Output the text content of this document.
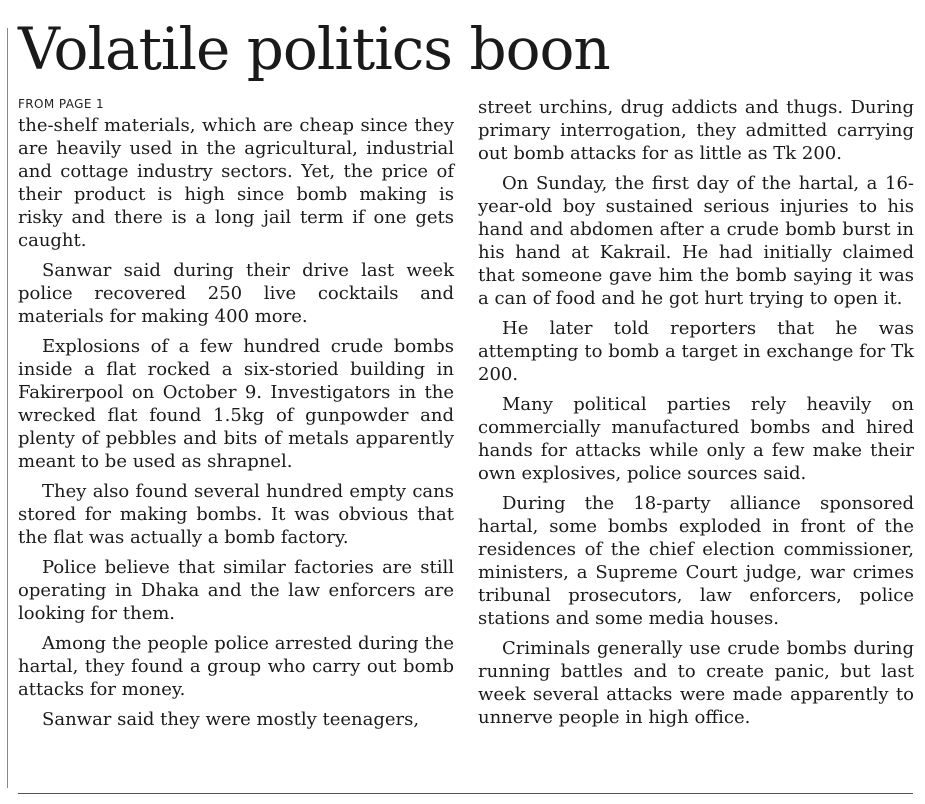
Volatile politics boon
FROM PAGE 1

the-shelf materials, which are cheap since they are heavily used in the agricultural, industrial and cottage industry sectors. Yet, the price of their product is high since bomb making is risky and there is a long jail term if one gets caught.

Sanwar said during their drive last week police recovered 250 live cocktails and materials for making 400 more.

Explosions of a few hundred crude bombs inside a flat rocked a six-storied building in Fakirerpool on October 9. Investigators in the wrecked flat found 1.5kg of gunpowder and plenty of pebbles and bits of metals apparently meant to be used as shrapnel.

They also found several hundred empty cans stored for making bombs. It was obvious that the flat was actually a bomb factory.

Police believe that similar factories are still operating in Dhaka and the law enforcers are looking for them.

Among the people police arrested during the hartal, they found a group who carry out bomb attacks for money.

Sanwar said they were mostly teenagers,

street urchins, drug addicts and thugs. During primary interrogation, they admitted carrying out bomb attacks for as little as Tk 200.

On Sunday, the first day of the hartal, a 16-year-old boy sustained serious injuries to his hand and abdomen after a crude bomb burst in his hand at Kakrail. He had initially claimed that someone gave him the bomb saying it was a can of food and he got hurt trying to open it.

He later told reporters that he was attempting to bomb a target in exchange for Tk 200.

Many political parties rely heavily on commercially manufactured bombs and hired hands for attacks while only a few make their own explosives, police sources said.

During the 18-party alliance sponsored hartal, some bombs exploded in front of the residences of the chief election commissioner, ministers, a Supreme Court judge, war crimes tribunal prosecutors, law enforcers, police stations and some media houses.

Criminals generally use crude bombs during running battles and to create panic, but last week several attacks were made apparently to unnerve people in high office.
